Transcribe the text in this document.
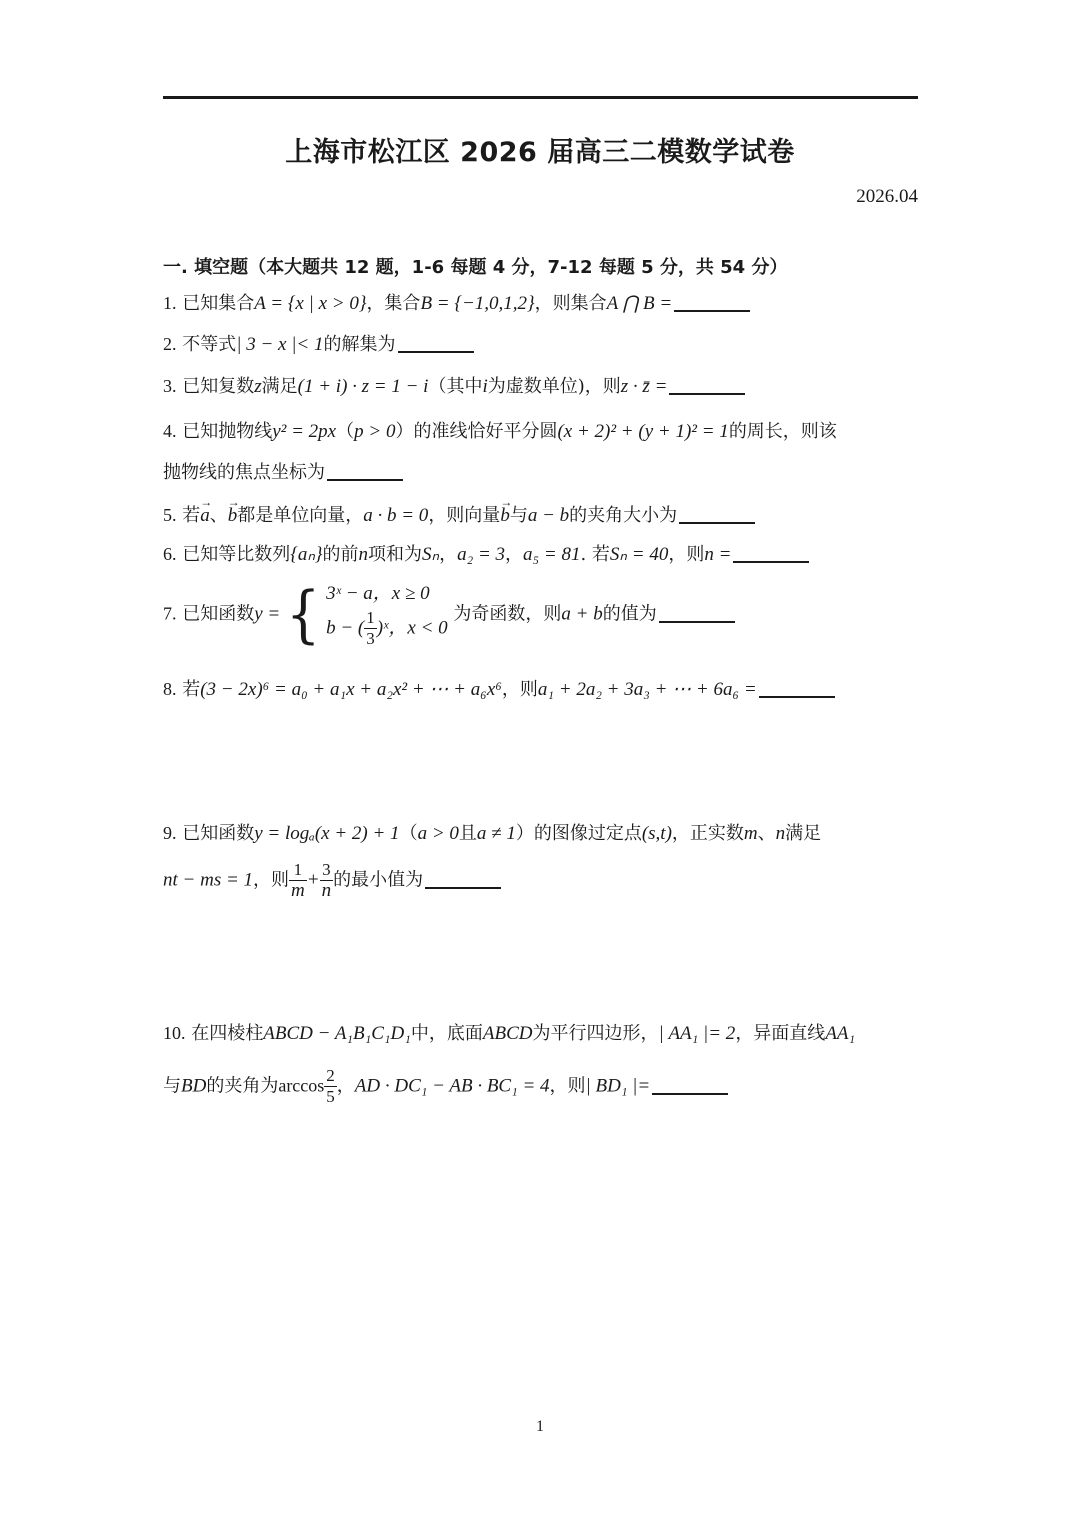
上海市松江区 2026 届高三二模数学试卷
2026.04
一. 填空题（本大题共 12 题，1-6 每题 4 分，7-12 每题 5 分，共 54 分）
1. 已知集合A = {x | x > 0}，集合B = {−1,0,1,2}，则集合A ⋂ B =
2. 不等式| 3 − x |< 1的解集为
3. 已知复数z满足(1 + i) · z = 1 − i（其中i为虚数单位)，则z · z̄ =
4. 已知抛物线y² = 2px（p > 0）的准线恰好平分圆(x + 2)² + (y + 1)² = 1的周长，则该
抛物线的焦点坐标为
5. 若→ a、→ b都是单位向量，a · b = 0，则向量→ b与a − b的夹角大小为
6. 已知等比数列{aₙ}的前n项和为Sₙ，a₂ = 3，a₅ = 81. 若Sₙ = 40，则n =
7. 已知函数y = { 3ˣ − a，x ≥ 0
b − ( $\frac{1}{3}$ )ˣ，x < 0
为奇函数，则a + b的值为
8. 若(3 − 2x)⁶ = a₀ + a₁x + a₂x² + ⋯ + a₆x⁶，则a₁ + 2a₂ + 3a₃ + ⋯ + 6a₆ =
9. 已知函数y = logₐ(x + 2) + 1（a > 0且a ≠ 1）的图像过定点(s,t)，正实数m、n满足
nt − ms = 1，则 $\frac{1}{m} + \frac{3}{n}$ 的最小值为
10. 在四棱柱ABCD − A₁B₁C₁D₁中，底面ABCD为平行四边形，| AA₁ |= 2，异面直线AA₁
与BD的夹角为$\arccos \frac{2}{5}$ ，AD · DC₁ − AB · BC₁ = 4，则| BD₁ |=
1
